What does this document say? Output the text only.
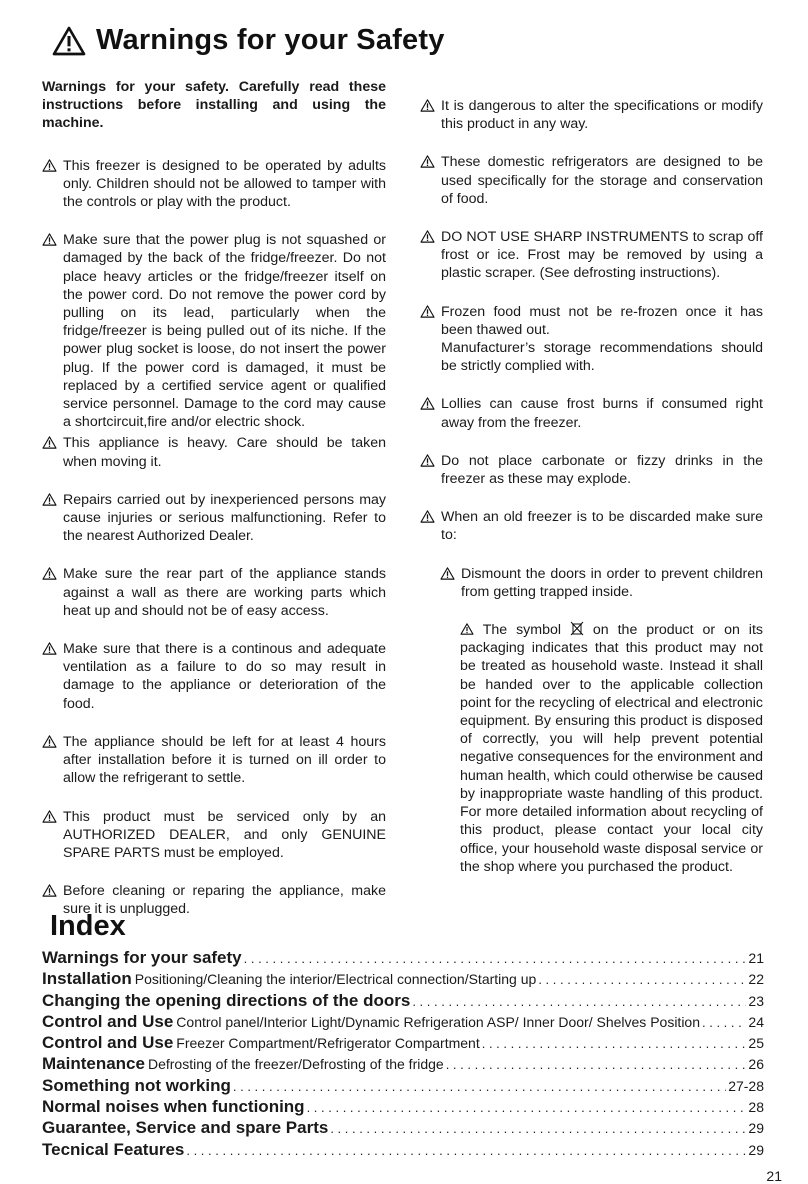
Warnings for your Safety

Warnings for your safety. Carefully read these instructions before installing and using the machine.

This freezer is designed to be operated by adults only. Children should not be allowed to tamper with the controls or play with the product.
Make sure that the power plug is not squashed or damaged by the back of the fridge/freezer. Do not place heavy articles or the fridge/freezer itself on the power cord. Do not remove the power cord by pulling on its lead, particularly when the fridge/freezer is being pulled out of its niche. If the power plug socket is loose, do not insert the power plug. If the power cord is damaged, it must be replaced by a certified service agent or qualified service personnel. Damage to the cord may cause a shortcircuit,fire and/or electric shock.
This appliance is heavy. Care should be taken when moving it.
Repairs carried out by inexperienced persons may cause injuries or serious malfunctioning. Refer to the nearest Authorized Dealer.
Make sure the rear part of the appliance stands against a wall as there are working parts which heat up and should not be of easy access.
Make sure that there is a continous and adequate ventilation as a failure to do so may result in damage to the appliance or deterioration of the food.
The appliance should be left for at least 4 hours after installation before it is turned on ill order to allow the refrigerant to settle.
This product must be serviced only by an AUTHORIZED DEALER, and only GENUINE SPARE PARTS must be employed.
Before cleaning or reparing the appliance, make sure it is unplugged.
It is dangerous to alter the specifications or modify this product in any way.
These domestic refrigerators are designed to be used specifically for the storage and conservation of food.
DO NOT USE SHARP INSTRUMENTS to scrap off frost or ice. Frost may be removed by using a plastic scraper. (See defrosting instructions).
Frozen food must not be re-frozen once it has been thawed out.
Manufacturer’s storage recommendations should be strictly complied with.
Lollies can cause frost burns if consumed right away from the freezer.
Do not place carbonate or fizzy drinks in the freezer as these may explode.
When an old freezer is to be discarded make sure to:
Dismount the doors in order to prevent children from getting trapped inside.
The symbol on the product or on its packaging indicates that this product may not be treated as household waste. Instead it shall be handed over to the applicable collection point for the recycling of electrical and electronic equipment. By ensuring this product is disposed of correctly, you will help prevent potential negative consequences for the environment and human health, which could otherwise be caused by inappropriate waste handling of this product. For more detailed information about recycling of this product, please contact your local city office, your household waste disposal service or the shop where you purchased the product.
Index
Warnings for your safety . . .	21
Installation Positioning/Cleaning the interior/Electrical connection/Starting up . . .	22
Changing the opening directions of the doors . . .	23
Control and Use Control panel/Interior Light/Dynamic Refrigeration ASP/ Inner Door/ Shelves Position . . .	24
Control and Use Freezer Compartment/Refrigerator Compartment . . .	25
Maintenance Defrosting of the freezer/Defrosting of the fridge . . .	26
Something not working . . .	27-28
Normal noises when functioning . . .	28
Guarantee, Service and spare Parts . . .	29
Tecnical Features . . .	29
21
